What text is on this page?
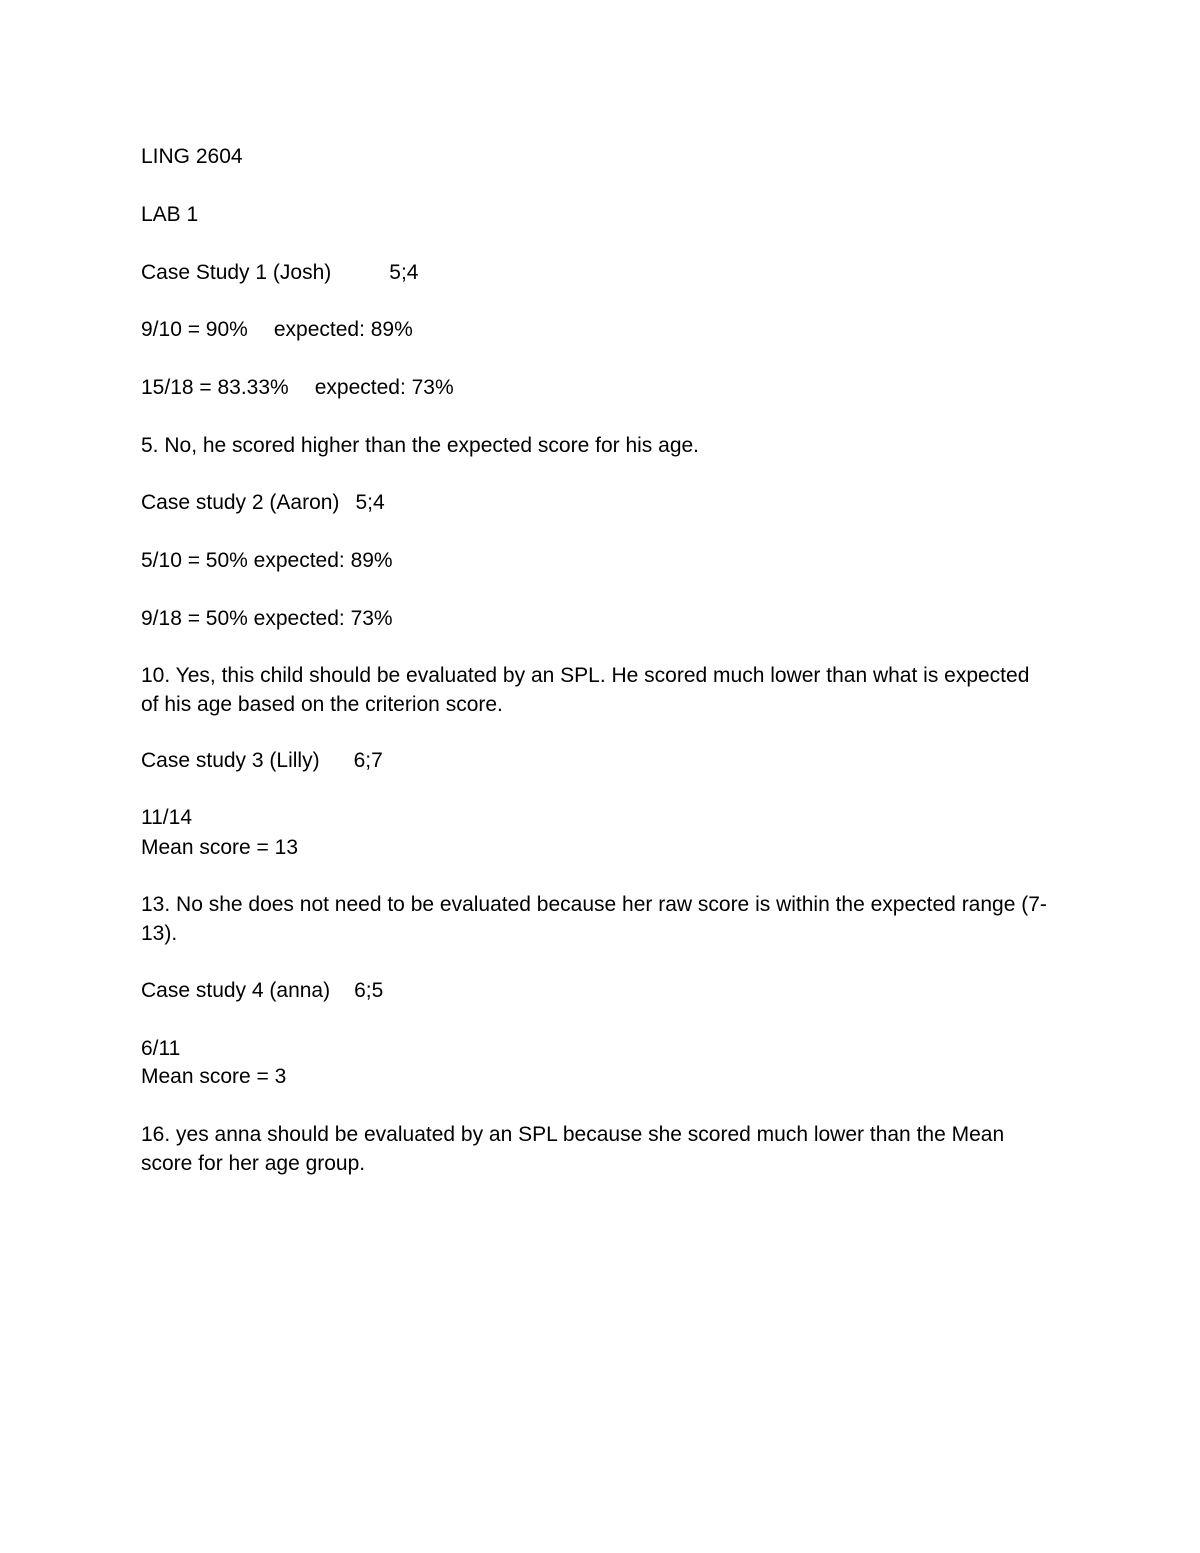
LING 2604
LAB 1
Case Study 1 (Josh)	5;4
9/10 = 90% expected: 89%
15/18 = 83.33% expected: 73%
5. No, he scored higher than the expected score for his age.
Case study 2 (Aaron) 5;4
5/10 = 50% expected: 89%
9/18 = 50% expected: 73%
10. Yes, this child should be evaluated by an SPL. He scored much lower than what is expected of his age based on the criterion score.
Case study 3 (Lilly) 6;7
11/14
Mean score = 13
13. No she does not need to be evaluated because her raw score is within the expected range (7-13).
Case study 4 (anna) 6;5
6/11
Mean score = 3
16. yes anna should be evaluated by an SPL because she scored much lower than the Mean score for her age group.
